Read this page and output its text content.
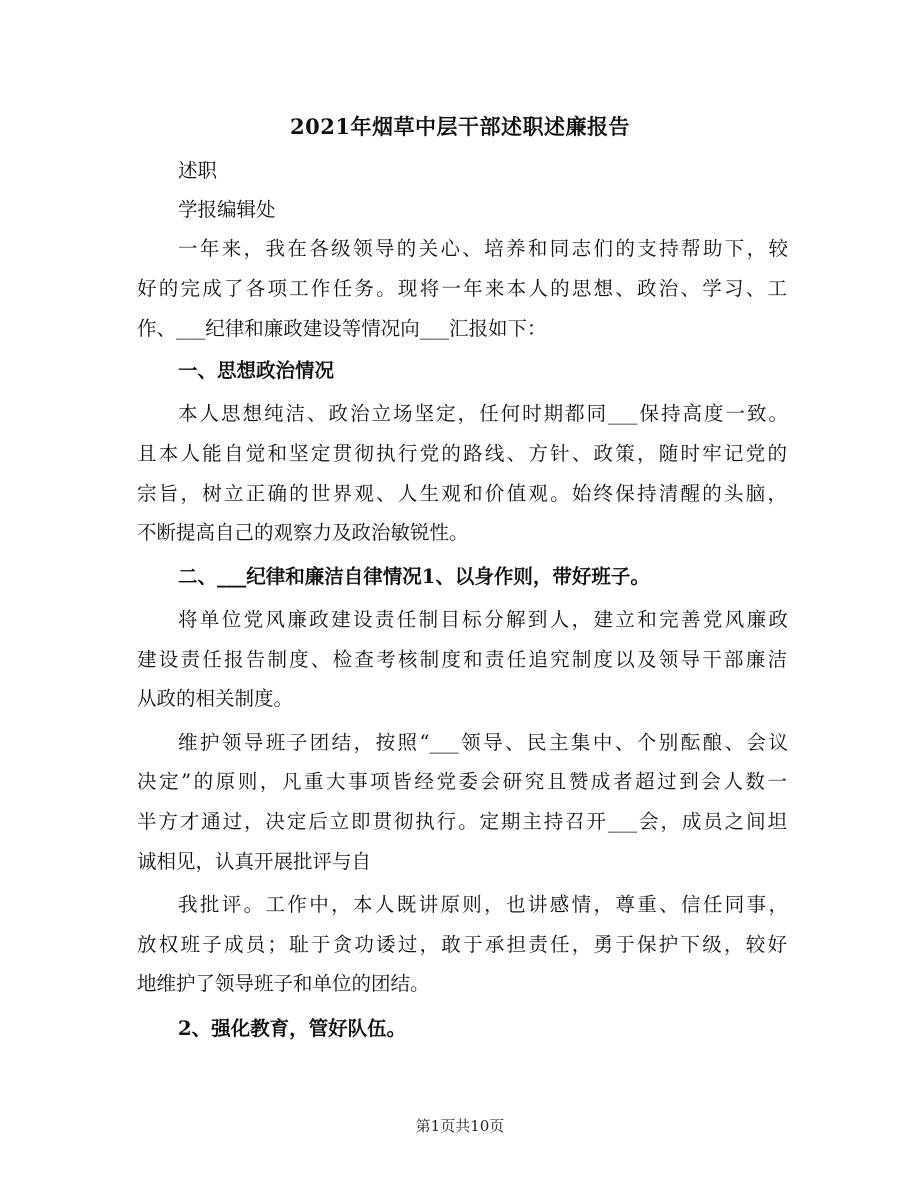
2021年烟草中层干部述职述廉报告

述职

学报编辑处

一年来，我在各级领导的关心、培养和同志们的支持帮助下，较

好的完成了各项工作任务。现将一年来本人的思想、政治、学习、工

作、___纪律和廉政建设等情况向___汇报如下：

一、思想政治情况

本人思想纯洁、政治立场坚定，任何时期都同___保持高度一致。

且本人能自觉和坚定贯彻执行党的路线、方针、政策，随时牢记党的

宗旨，树立正确的世界观、人生观和价值观。始终保持清醒的头脑，

不断提高自己的观察力及政治敏锐性。

二、___纪律和廉洁自律情况1、以身作则，带好班子。

将单位党风廉政建设责任制目标分解到人，建立和完善党风廉政

建设责任报告制度、检查考核制度和责任追究制度以及领导干部廉洁

从政的相关制度。

维护领导班子团结，按照“___领导、民主集中、个别酝酿、会议

决定”的原则，凡重大事项皆经党委会研究且赞成者超过到会人数一

半方才通过，决定后立即贯彻执行。定期主持召开___会，成员之间坦

诚相见，认真开展批评与自

我批评。工作中，本人既讲原则，也讲感情，尊重、信任同事，

放权班子成员；耻于贪功诿过，敢于承担责任，勇于保护下级，较好

地维护了领导班子和单位的团结。

2、强化教育，管好队伍。

第1页共10页
